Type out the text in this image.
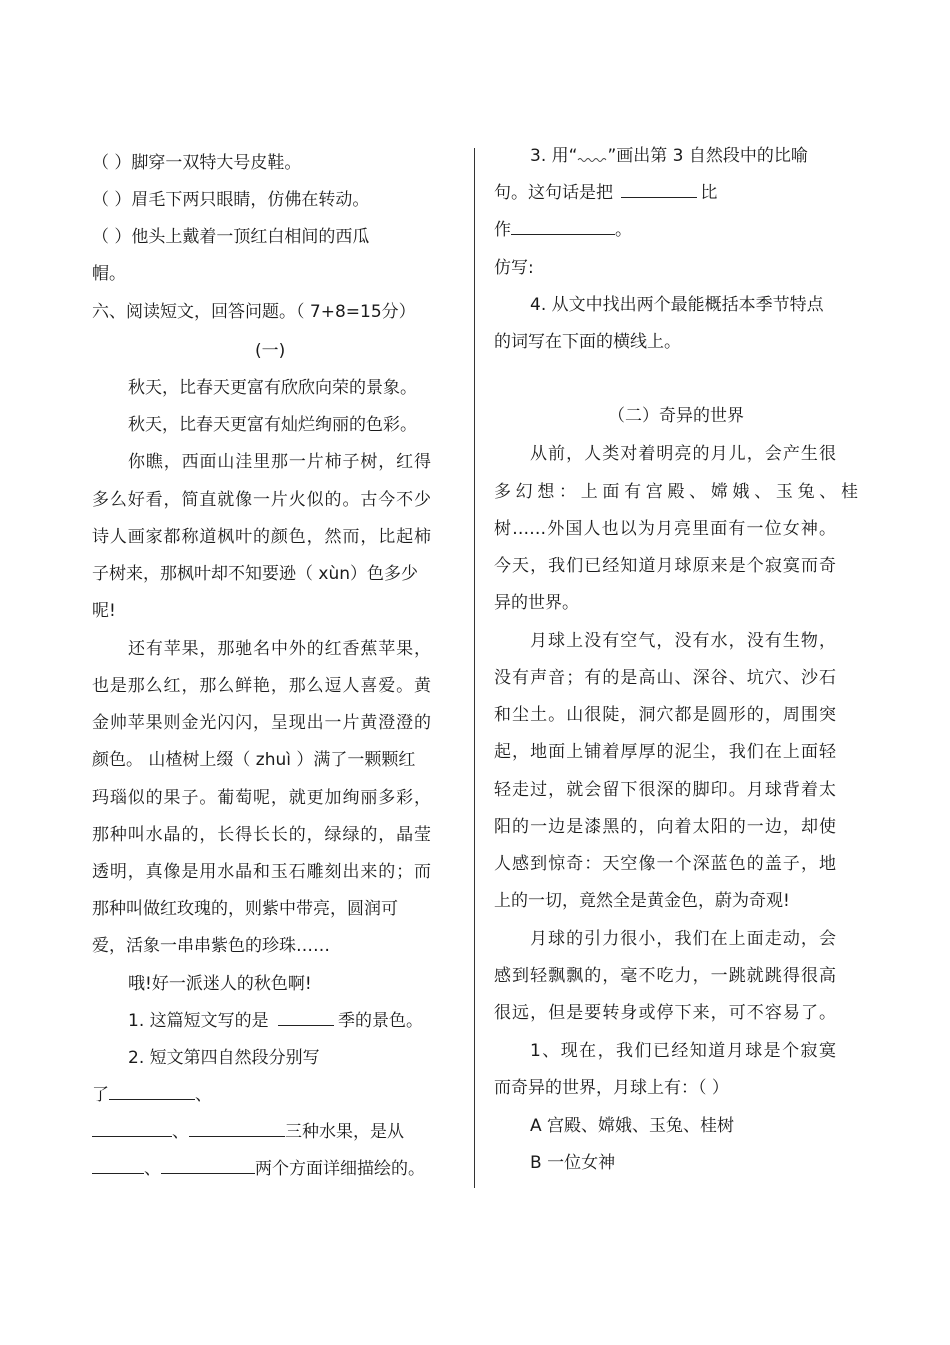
（ ）脚穿一双特大号皮鞋。
（ ）眉毛下两只眼睛，仿佛在转动。
（ ）他头上戴着一顶红白相间的西瓜
帽。
六、阅读短文，回答问题。（ 7+8=15分）
(一)
秋天，比春天更富有欣欣向荣的景象。
秋天，比春天更富有灿烂绚丽的色彩。
你瞧，西面山洼里那一片柿子树，红得
多么好看，简直就像一片火似的。古今不少
诗人画家都称道枫叶的颜色，然而，比起柿
子树来，那枫叶却不知要逊（ xùn）色多少
呢!
还有苹果，那驰名中外的红香蕉苹果，
也是那么红，那么鲜艳，那么逗人喜爱。黄
金帅苹果则金光闪闪，呈现出一片黄澄澄的
颜色。 山楂树上缀（ zhuì ）满了一颗颗红
玛瑙似的果子。葡萄呢，就更加绚丽多彩，
那种叫水晶的，长得长长的，绿绿的，晶莹
透明，真像是用水晶和玉石雕刻出来的；而
那种叫做红玫瑰的，则紫中带亮，圆润可
爱，活象一串串紫色的珍珠……
哦!好一派迷人的秋色啊!
1. 这篇短文写的是	季的景色。
2. 短文第四自然段分别写
了	、
、	三种水果，是从
、	两个方面详细描绘的。
3. 用“ ”画出第 3 自然段中的比喻
句。这句话是把	比
作	。
仿写:
4. 从文中找出两个最能概括本季节特点
的词写在下面的横线上。
（二）奇异的世界
从前，人类对着明亮的月儿，会产生很
多幻想：上面有宫殿、嫦娥、玉兔、桂
树……外国人也以为月亮里面有一位女神。
今天，我们已经知道月球原来是个寂寞而奇
异的世界。
月球上没有空气，没有水，没有生物，
没有声音；有的是高山、深谷、坑穴、沙石
和尘土。山很陡，洞穴都是圆形的，周围突
起，地面上铺着厚厚的泥尘，我们在上面轻
轻走过，就会留下很深的脚印。月球背着太
阳的一边是漆黑的，向着太阳的一边，却使
人感到惊奇：天空像一个深蓝色的盖子，地
上的一切，竟然全是黄金色，蔚为奇观!
月球的引力很小，我们在上面走动，会
感到轻飘飘的，毫不吃力，一跳就跳得很高
很远，但是要转身或停下来，可不容易了。
1、现在，我们已经知道月球是个寂寞
而奇异的世界，月球上有：（ ）
A 宫殿、嫦娥、玉兔、桂树
B 一位女神
